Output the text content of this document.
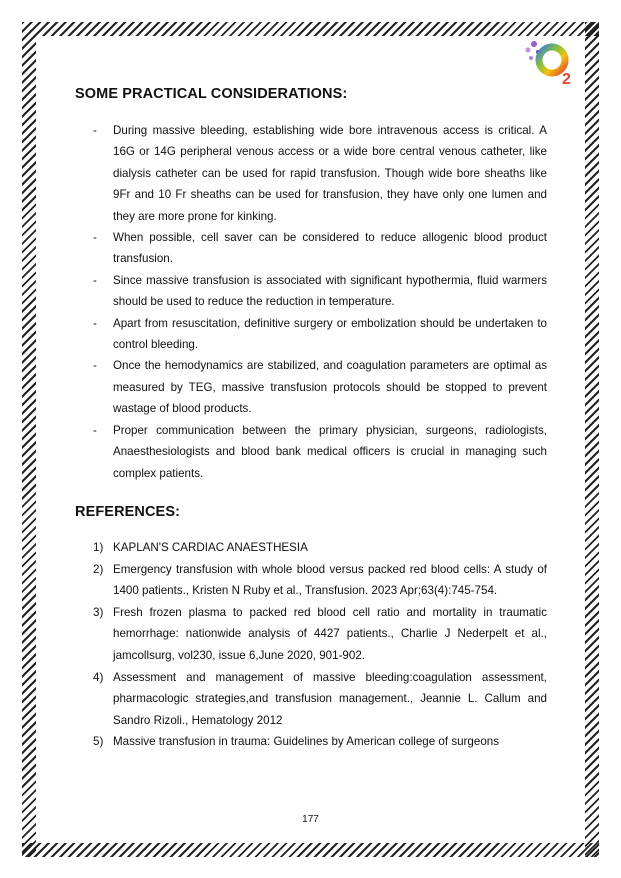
2
SOME PRACTICAL CONSIDERATIONS:
- During massive bleeding, establishing wide bore intravenous access is critical. A 16G or 14G peripheral venous access or a wide bore central venous catheter, like dialysis catheter can be used for rapid transfusion. Though wide bore sheaths like 9Fr and 10 Fr sheaths can be used for transfusion, they have only one lumen and they are more prone for kinking.
- When possible, cell saver can be considered to reduce allogenic blood product transfusion.
- Since massive transfusion is associated with significant hypothermia, fluid warmers should be used to reduce the reduction in temperature.
- Apart from resuscitation, definitive surgery or embolization should be undertaken to control bleeding.
- Once the hemodynamics are stabilized, and coagulation parameters are optimal as measured by TEG, massive transfusion protocols should be stopped to prevent wastage of blood products.
- Proper communication between the primary physician, surgeons, radiologists, Anaesthesiologists and blood bank medical officers is crucial in managing such complex patients.
REFERENCES:
1) KAPLAN'S CARDIAC ANAESTHESIA
2) Emergency transfusion with whole blood versus packed red blood cells: A study of 1400 patients., Kristen N Ruby et al., Transfusion. 2023 Apr;63(4):745-754.
3) Fresh frozen plasma to packed red blood cell ratio and mortality in traumatic hemorrhage: nationwide analysis of 4427 patients., Charlie J Nederpelt et al., jamcollsurg, vol230, issue 6,June 2020, 901-902.
4) Assessment and management of massive bleeding:coagulation assessment, pharmacologic strategies,and transfusion management., Jeannie L. Callum and Sandro Rizoli., Hematology 2012
5) Massive transfusion in trauma: Guidelines by American college of surgeons
177
